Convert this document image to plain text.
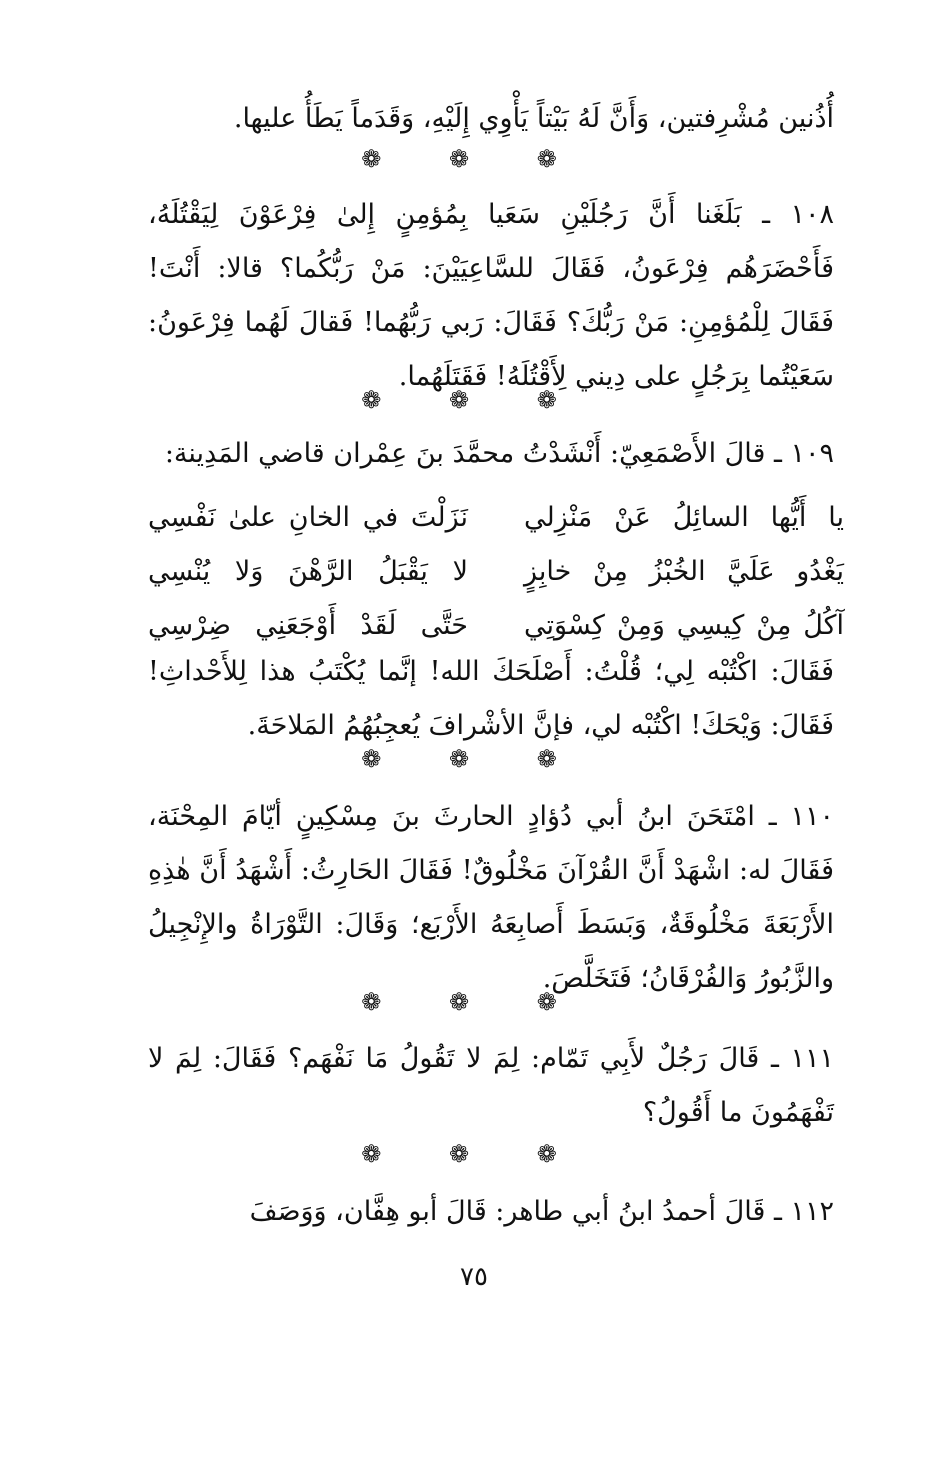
أُذُنين مُشْرِفتين، وَأَنَّ لَهُ بَيْتاً يَأْوِي إِلَيْهِ، وَقَدَماً يَطَأُ عليها.

❁ ❁ ❁

١٠٨ ـ بَلَغَنا أَنَّ رَجُلَيْنِ سَعَيا بِمُؤمِنٍ إِلىٰ فِرْعَوْنَ لِيَقْتُلَهُ، فَأَحْضَرَهُم فِرْعَونُ، فَقَالَ للسَّاعِيَيْنَ: مَنْ رَبُّكُما؟ قالا: أَنْتَ! فَقَالَ لِلْمُؤمِنِ: مَنْ رَبُّكَ؟ فَقَالَ: رَبي رَبُّهُما! فَقالَ لَهُما فِرْعَونُ: سَعَيْتُما بِرَجُلٍ على دِيني لِأَقْتُلَهُ! فَقَتَلَهُما.

❁ ❁ ❁

١٠٩ ـ قالَ الأَصْمَعِيّ: أَنْشَدْتُ محمَّدَ بنَ عِمْران قاضي المَدِينة:

يا أَيُّها السائِلُ عَنْ مَنْزِلي
نَزَلْتَ في الخانِ علىٰ نَفْسِي
يَغْدُو عَلَيَّ الخُبْزُ مِنْ خابِزٍ
لا يَقْبَلُ الرَّهْنَ وَلا يُنْسِي
آكُلُ مِنْ كِيسِي وَمِنْ كِسْوَتِي
حَتَّى لَقَدْ أَوْجَعَنِي ضِرْسِي

فَقَالَ: اكْتُبْه لِي؛ قُلْتُ: أَصْلَحَكَ الله! إنَّما يُكْتَبُ هذا لِلأَحْداثِ! فَقَالَ: وَيْحَكَ! اكْتُبْه لي، فإنَّ الأشْرافَ يُعجِبُهُمُ المَلاحَةَ.

❁ ❁ ❁

١١٠ ـ امْتَحَنَ ابنُ أبي دُؤادٍ الحارثَ بنَ مِسْكِينٍ أيّامَ المِحْنَة، فَقَالَ له: اشْهَدْ أَنَّ القُرْآنَ مَخْلُوقٌ! فَقَالَ الحَارِثُ: أَشْهَدُ أَنَّ هٰذِهِ الأَرْبَعَةَ مَخْلُوقَةٌ، وَبَسَطَ أَصابِعَهُ الأَرْبَع؛ وَقَالَ: التَّوْرَاةُ والإِنْجِيلُ والزَّبُورُ وَالفُرْقَانُ؛ فَتَخَلَّصَ.

❁ ❁ ❁

١١١ ـ قَالَ رَجُلٌ لأَبِي تَمّام: لِمَ لا تَقُولُ مَا نَفْهَم؟ فَقَالَ: لِمَ لا تَفْهَمُونَ ما أَقُولُ؟

❁ ❁ ❁

١١٢ ـ قَالَ أحمدُ ابنُ أبي طاهر: قَالَ أبو هِفَّان، وَوَصَفَ

٧٥
